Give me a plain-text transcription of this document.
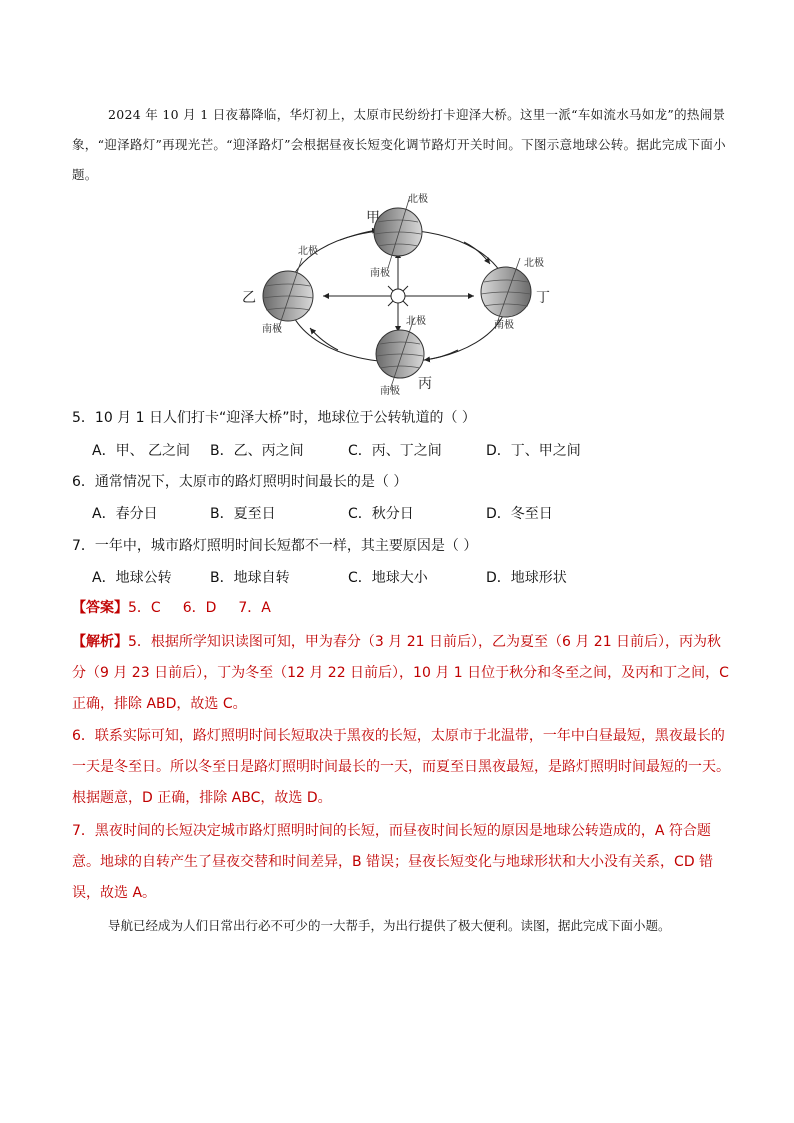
2024 年 10 月 1 日夜幕降临，华灯初上，太原市民纷纷打卡迎泽大桥。这里一派“车如流水马如龙”的热闹景象，“迎泽路灯”再现光芒。“迎泽路灯”会根据昼夜长短变化调节路灯开关时间。下图示意地球公转。据此完成下面小题。

甲
乙
丙
丁
北极
南极
北极
南极
北极
南极
北极
南极
5．10 月 1 日人们打卡“迎泽大桥”时，地球位于公转轨道的（ ）
A．甲、 乙之间 B．乙、丙之间	C．丙、丁之间	D．丁、甲之间
6．通常情况下，太原市的路灯照明时间最长的是（ ）
A．春分日	B．夏至日	C．秋分日	D．冬至日
7．一年中，城市路灯照明时间长短都不一样，其主要原因是（ ）
A．地球公转	B．地球自转	C．地球大小	D．地球形状
【答案】5．C 6．D 7．A

【解析】5．根据所学知识读图可知，甲为春分（3 月 21 日前后），乙为夏至（6 月 21 日前后），丙为秋分（9 月 23 日前后），丁为冬至（12 月 22 日前后），10 月 1 日位于秋分和冬至之间，及丙和丁之间，C 正确，排除 ABD，故选 C。

6．联系实际可知，路灯照明时间长短取决于黑夜的长短，太原市于北温带，一年中白昼最短，黑夜最长的一天是冬至日。所以冬至日是路灯照明时间最长的一天，而夏至日黑夜最短，是路灯照明时间最短的一天。根据题意，D 正确，排除 ABC，故选 D。

7．黑夜时间的长短决定城市路灯照明时间的长短，而昼夜时间长短的原因是地球公转造成的，A 符合题意。地球的自转产生了昼夜交替和时间差异，B 错误；昼夜长短变化与地球形状和大小没有关系，CD 错误，故选 A。

导航已经成为人们日常出行必不可少的一大帮手，为出行提供了极大便利。读图，据此完成下面小题。
